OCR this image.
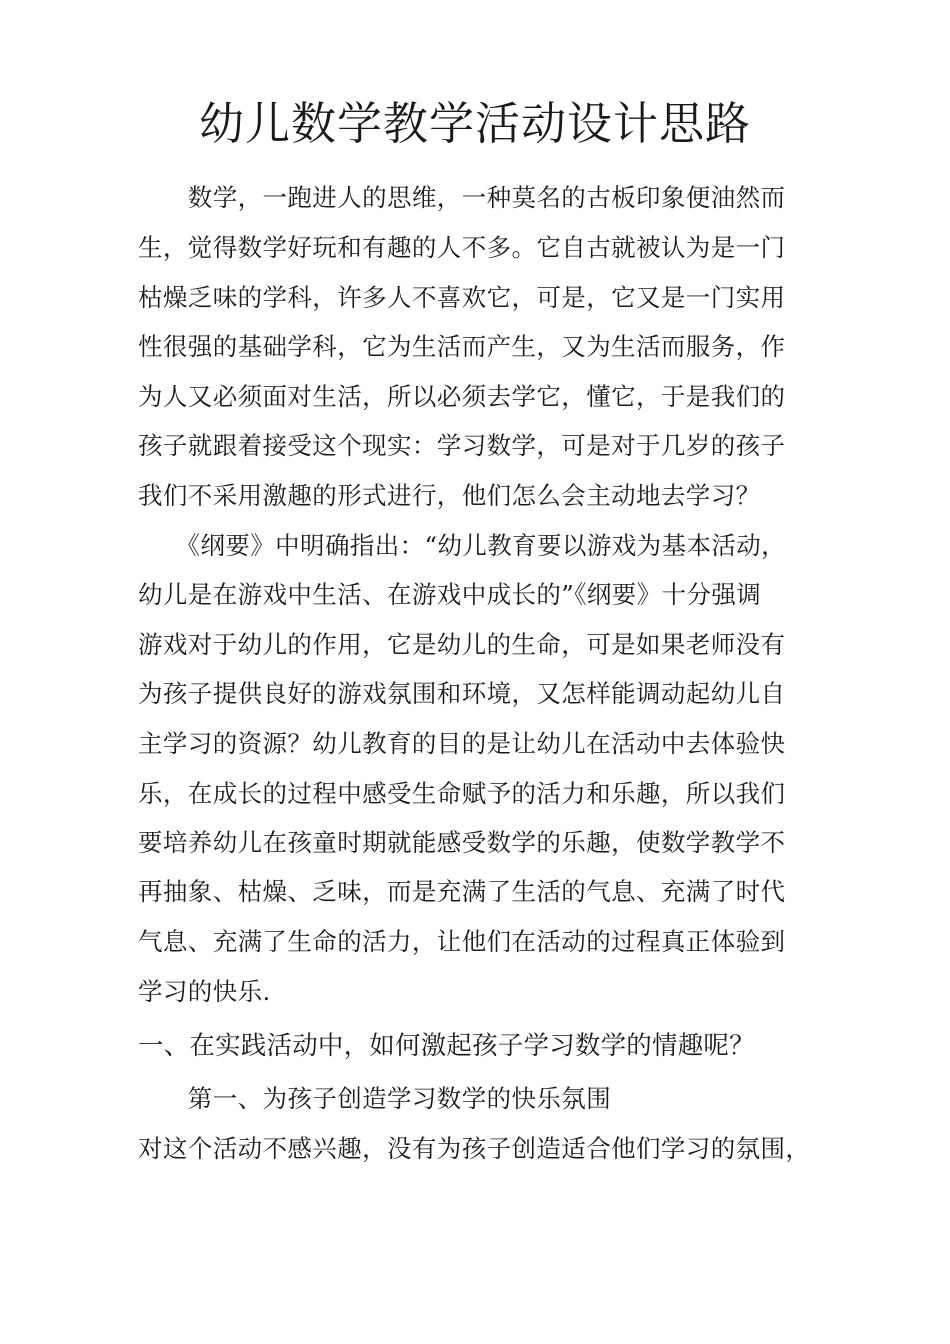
幼儿数学教学活动设计思路
　　数学，一跑进人的思维，一种莫名的古板印象便油然而
生，觉得数学好玩和有趣的人不多。它自古就被认为是一门
枯燥乏味的学科，许多人不喜欢它，可是，它又是一门实用
性很强的基础学科，它为生活而产生，又为生活而服务，作
为人又必须面对生活，所以必须去学它，懂它，于是我们的
孩子就跟着接受这个现实：学习数学，可是对于几岁的孩子
我们不采用激趣的形式进行，他们怎么会主动地去学习？
　　《纲要》中明确指出：“幼儿教育要以游戏为基本活动，
幼儿是在游戏中生活、在游戏中成长的”《纲要》十分强调
游戏对于幼儿的作用，它是幼儿的生命，可是如果老师没有
为孩子提供良好的游戏氛围和环境，又怎样能调动起幼儿自
主学习的资源？幼儿教育的目的是让幼儿在活动中去体验快
乐，在成长的过程中感受生命赋予的活力和乐趣，所以我们
要培养幼儿在孩童时期就能感受数学的乐趣，使数学教学不
再抽象、枯燥、乏味，而是充满了生活的气息、充满了时代
气息、充满了生命的活力，让他们在活动的过程真正体验到
学习的快乐.
一、在实践活动中，如何激起孩子学习数学的情趣呢？
　　第一、为孩子创造学习数学的快乐氛围
对这个活动不感兴趣，没有为孩子创造适合他们学习的氛围，
